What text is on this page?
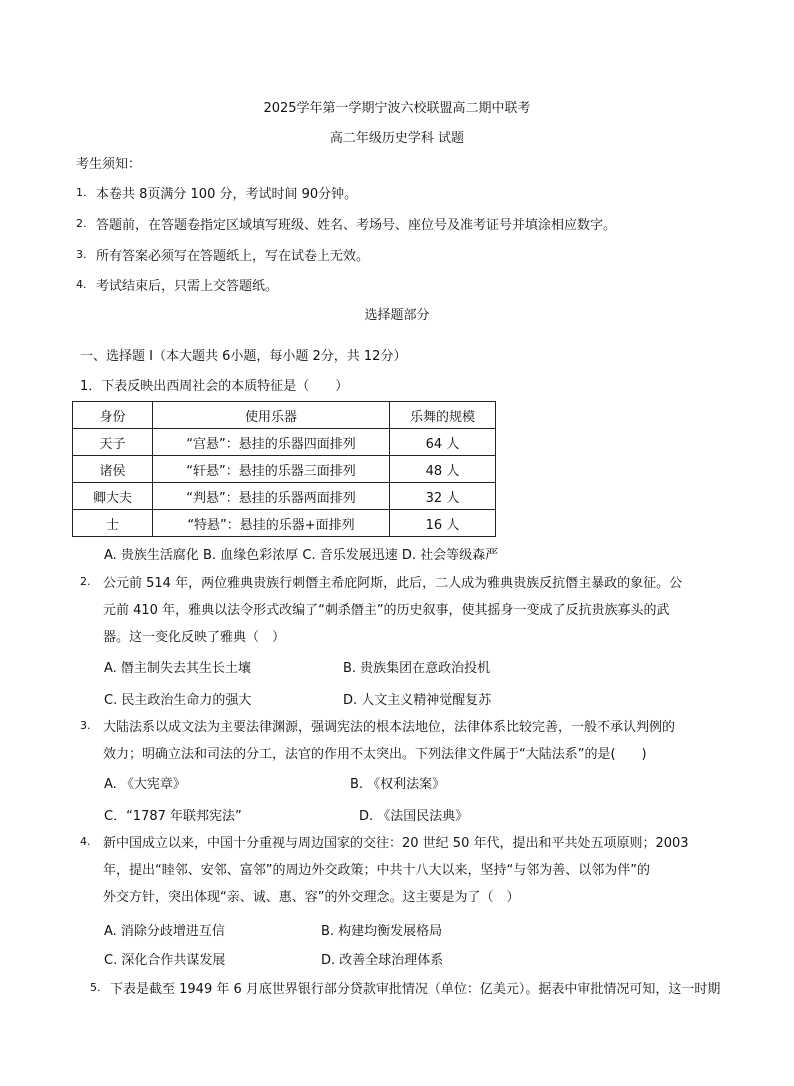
2025学年第一学期宁波六校联盟高二期中联考
高二年级历史学科 试题
考生须知：
1. 本卷共 8页满分 100 分，考试时间 90分钟。
2. 答题前，在答题卷指定区域填写班级、姓名、考场号、座位号及准考证号并填涂相应数字。
3. 所有答案必须写在答题纸上，写在试卷上无效。
4. 考试结束后，只需上交答题纸。
选择题部分
一、选择题 I（本大题共 6小题，每小题 2分，共 12分）
1．下表反映出西周社会的本质特征是（　　）
身份	使用乐器	乐舞的规模
天子	“宫悬”：悬挂的乐器四面排列	64 人
诸侯	“轩悬”：悬挂的乐器三面排列	48 人
卿大夫	“判悬”：悬挂的乐器两面排列	32 人
士	“特悬”：悬挂的乐器+面排列	16 人
A. 贵族生活腐化 B. 血缘色彩浓厚 C. 音乐发展迅速 D. 社会等级森严
2. 公元前 514 年，两位雅典贵族行刺僭主希庇阿斯，此后，二人成为雅典贵族反抗僭主暴政的象征。公
元前 410 年，雅典以法令形式改编了“刺杀僭主”的历史叙事，使其摇身一变成了反抗贵族寡头的武
器。这一变化反映了雅典（　）
A. 僭主制失去其生长土壤	B. 贵族集团在意政治投机
C. 民主政治生命力的强大	D. 人文主义精神觉醒复苏
3. 大陆法系以成文法为主要法律渊源，强调宪法的根本法地位，法律体系比较完善，一般不承认判例的
效力；明确立法和司法的分工，法官的作用不太突出。下列法律文件属于“大陆法系”的是(　　)
A. 《大宪章》	B. 《权利法案》
C．“1787 年联邦宪法”	D. 《法国民法典》
4. 新中国成立以来，中国十分重视与周边国家的交往：20 世纪 50 年代，提出和平共处五项原则；2003
年，提出“睦邻、安邻、富邻”的周边外交政策；中共十八大以来，坚持“与邻为善、以邻为伴”的
外交方针，突出体现“亲、诚、惠、容”的外交理念。这主要是为了（　）
A. 消除分歧增进互信	B. 构建均衡发展格局
C. 深化合作共谋发展	D. 改善全球治理体系
5. 下表是截至 1949 年 6 月底世界银行部分贷款审批情况（单位：亿美元）。据表中审批情况可知，这一时期
